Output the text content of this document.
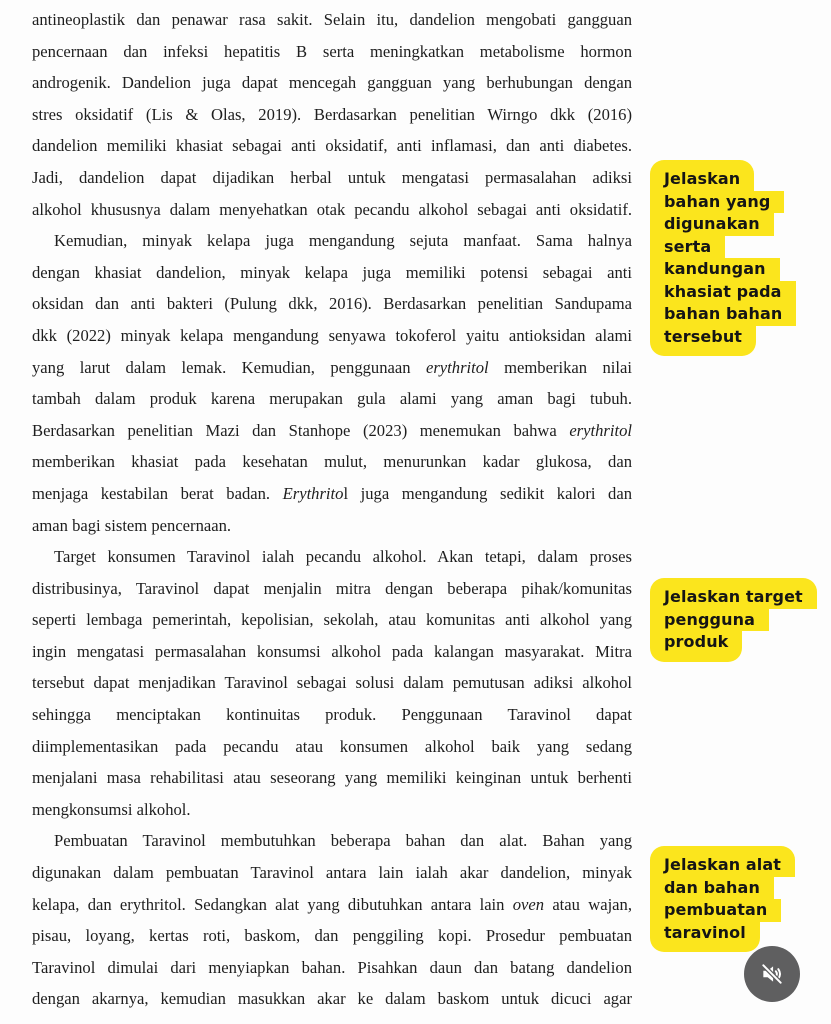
antineoplastik dan penawar rasa sakit. Selain itu, dandelion mengobati gangguan
pencernaan dan infeksi hepatitis B serta meningkatkan metabolisme hormon
androgenik. Dandelion juga dapat mencegah gangguan yang berhubungan dengan
stres oksidatif (Lis & Olas, 2019). Berdasarkan penelitian Wirngo dkk (2016)
dandelion memiliki khasiat sebagai anti oksidatif, anti inflamasi, dan anti diabetes.
Jadi, dandelion dapat dijadikan herbal untuk mengatasi permasalahan adiksi
alkohol khususnya dalam menyehatkan otak pecandu alkohol sebagai anti oksidatif.
Kemudian, minyak kelapa juga mengandung sejuta manfaat. Sama halnya
dengan khasiat dandelion, minyak kelapa juga memiliki potensi sebagai anti
oksidan dan anti bakteri (Pulung dkk, 2016). Berdasarkan penelitian Sandupama
dkk (2022) minyak kelapa mengandung senyawa tokoferol yaitu antioksidan alami
yang larut dalam lemak. Kemudian, penggunaan erythritol memberikan nilai
tambah dalam produk karena merupakan gula alami yang aman bagi tubuh.
Berdasarkan penelitian Mazi dan Stanhope (2023) menemukan bahwa erythritol
memberikan khasiat pada kesehatan mulut, menurunkan kadar glukosa, dan
menjaga kestabilan berat badan. Erythritol juga mengandung sedikit kalori dan
aman bagi sistem pencernaan.
Target konsumen Taravinol ialah pecandu alkohol. Akan tetapi, dalam proses
distribusinya, Taravinol dapat menjalin mitra dengan beberapa pihak/komunitas
seperti lembaga pemerintah, kepolisian, sekolah, atau komunitas anti alkohol yang
ingin mengatasi permasalahan konsumsi alkohol pada kalangan masyarakat. Mitra
tersebut dapat menjadikan Taravinol sebagai solusi dalam pemutusan adiksi alkohol
sehingga menciptakan kontinuitas produk. Penggunaan Taravinol dapat
diimplementasikan pada pecandu atau konsumen alkohol baik yang sedang
menjalani masa rehabilitasi atau seseorang yang memiliki keinginan untuk berhenti
mengkonsumsi alkohol.
Pembuatan Taravinol membutuhkan beberapa bahan dan alat. Bahan yang
digunakan dalam pembuatan Taravinol antara lain ialah akar dandelion, minyak
kelapa, dan erythritol. Sedangkan alat yang dibutuhkan antara lain oven atau wajan,
pisau, loyang, kertas roti, baskom, dan penggiling kopi. Prosedur pembuatan
Taravinol dimulai dari menyiapkan bahan. Pisahkan daun dan batang dandelion
dengan akarnya, kemudian masukkan akar ke dalam baskom untuk dicuci agar
Jelaskan
bahan yang
digunakan
serta
kandungan
khasiat pada
bahan bahan
tersebut
Jelaskan target
pengguna
produk
Jelaskan alat
dan bahan
pembuatan
taravinol
